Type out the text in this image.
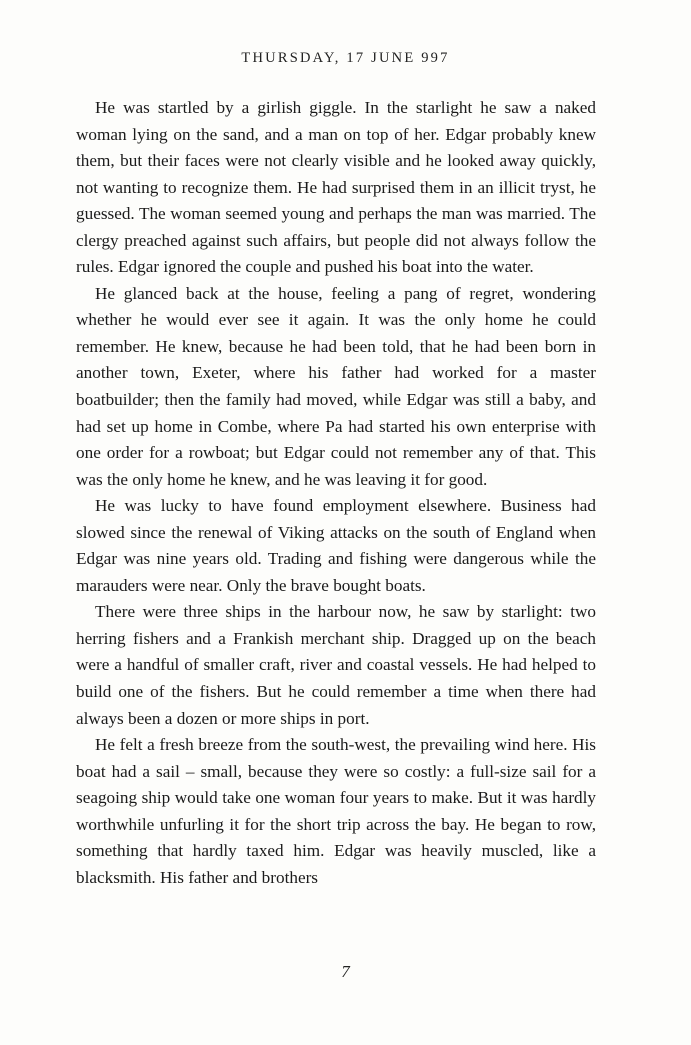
THURSDAY, 17 JUNE 997

He was startled by a girlish giggle. In the starlight he saw a naked woman lying on the sand, and a man on top of her. Edgar probably knew them, but their faces were not clearly visible and he looked away quickly, not wanting to recognize them. He had surprised them in an illicit tryst, he guessed. The woman seemed young and perhaps the man was married. The clergy preached against such affairs, but people did not always follow the rules. Edgar ignored the couple and pushed his boat into the water.

He glanced back at the house, feeling a pang of regret, wondering whether he would ever see it again. It was the only home he could remember. He knew, because he had been told, that he had been born in another town, Exeter, where his father had worked for a master boatbuilder; then the family had moved, while Edgar was still a baby, and had set up home in Combe, where Pa had started his own enterprise with one order for a rowboat; but Edgar could not remember any of that. This was the only home he knew, and he was leaving it for good.

He was lucky to have found employment elsewhere. Business had slowed since the renewal of Viking attacks on the south of England when Edgar was nine years old. Trading and fishing were dangerous while the marauders were near. Only the brave bought boats.

There were three ships in the harbour now, he saw by starlight: two herring fishers and a Frankish merchant ship. Dragged up on the beach were a handful of smaller craft, river and coastal vessels. He had helped to build one of the fishers. But he could remember a time when there had always been a dozen or more ships in port.

He felt a fresh breeze from the south-west, the prevailing wind here. His boat had a sail – small, because they were so costly: a full-size sail for a seagoing ship would take one woman four years to make. But it was hardly worthwhile unfurling it for the short trip across the bay. He began to row, something that hardly taxed him. Edgar was heavily muscled, like a blacksmith. His father and brothers

7
